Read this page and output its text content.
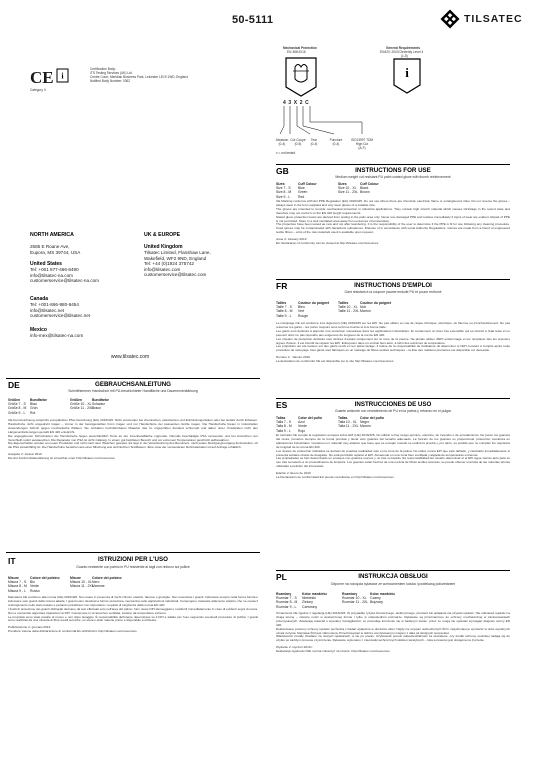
50-5111	TILSATEC
CE i
Category II
Certification Body:
ITS Testing Services (UK) Ltd.
Centre Court, Meridian Business Park, Leicester LE19 1WD, England
Notified Body Number: 0362
Mechanical Protection
EN 388:2016
General Requirements
EN420: 2003 Dexterity Level 4
(1-5)
i
43X2C
Abrasion
(0-4)
Cut Coupe
(0-5)
Tear
(0-4)
Puncture
(0-4)
ISO13997 TDM High Cut
(A-F)
x = not tested
NORTH AMERICA
2585 E Roane Ave,
Eupora, MS 39744, USA
United States
Tel: +001 877-466-8490
info@tilsatec-na.com
customerservice@tilsatec-na.com
Canada
Tel: +001-866-980-9454
info@tilsatec.net
customerservice@tilsatec.net
Mexico
info-mex@tilsatec-na.com
UK & EUROPE
United Kingdom
Tilsatec Limited, Flanshaw Lane,
Wakefield, WF2 9ND, England
Tel: +44 (0)1924 375742
info@tilsatec.com
customerservice@tilsatec.com
www.tilsatec.com
GB	INSTRUCTIONS FOR USE
Medium weight cut resistant PU palm coated glove with thumb reinforcement
Sizes	Cuff Colour	Sizes	Cuff Colour
Size 7 - S Blue	Size 10 - XL Black
Size 8 - M Green	Size 11 - 2XL Brown
Size 9 - L Red

CE Marking conforms with EU PPE Regulation (EU) 2016/425. Do not use where there are chemical, electrical, flame or entanglement risks. Do not reverse the gloves – always wear in the form supplied and only wear gloves of a suitable size.

The gloves are intended to provide mechanical protection in industrial applications. They contain high stretch material which causes shrinkage in the tested state and therefore may not conform to the EN 420 length requirements.

Stated glove protection levels are derived from testing in the palm area only. Never use damaged PPE and replace immediately if signs of wear are evident. Repair of PPE is not permitted. Store in a well ventilated area away from extremes of temperature.

The properties have been tested as new and not after laundering. It is the responsibility of the user to determine if the PPE is fit for use following any cleaning procedure. Used gloves may be contaminated with hazardous substances. Dispose of in accordance with Local Authority Regulations. Gloves are made from a blend of engineered textile fibres – a list of the raw materials used is available upon request.

Issue 2: January 2019

EU declaration of conformity can be viewed at http://tilsatec.com/resources

FR	INSTRUCTIONS D'EMPLOI
Gant résistant à la coupure paume enduite PU et pouce renforcé
Tailles	Couleur du poignet	Tailles	Couleur du poignet
Taille 7 - S Bleu	Taille 10 - XL Noir
Taille 8 - M Vert	Taille 11 - 2XLMarron
Taille 9 - L Rouge

Le marquage CE est conforme à la règlement (UE) 2016/425 sur les EPI. Ne pas utiliser en cas de risque chimique, électrique, de flamme ou d'enchevêtrement. Ne pas retourner les gants – les porter toujours sous la forme fournie et à la bonne taille.

Les gants sont destinés à apporter une protection mécanique dans les applications industrielles. Ils contiennent un tissu très extensible qui se rétrécit à l'état testé et ne peuvent donc ne pas répondre aux exigences de longueur de la norme EN 420.

Les niveaux de protection déclarés sont dérivés d'essais uniquement sur la zone de la paume. Ne jamais utiliser d'EPI endommagé et les remplacer dès les premiers signes d'usure. Il est interdit de réparer les EPI. Entreposer dans un endroit bien aéré, à l'abri des extrêmes de température.

Les propriétés ont été testées sur des gants neufs et non après lavage. Il relève de la responsabilité de l'utilisateur de déterminer si l'EPI convient à l'emploi après toute procédure de nettoyage. Des gants sont fabriqués en un mélange de fibres textiles techniques – la liste des matières premières est disponible sur demande.

Numéro 2 : Janvier 2019

La déclaration de conformité CE est disponible sur le site http://tilsatec.com/resources

DE	GEBRAUCHSANLEITUNG
Schnitthemmer Handschuh mit PU-beschichteter Handfläche und Daumenverstärkung
Größen	Bundfarbe	Größen	Bundfarbe
Größe 7 - S Blau	Größe 10 - XLSchwarz
Größe 8 - M Grün	Größe 11 - 2XLBraun
Größe 9 - L Rot

CE-Kennzeichnung entspricht europäischer PSA-Verordnung (EU) 2016/425. Nicht verwenden bei chemischen, elektrischen und Entzündungsrisiken oder bei Gefahr durch Erfassen. Handschuhe nicht umgedreht tragen – immer in der bereitgestellten Form tragen und nur Handschuhe der passenden Größe tragen. Die Handschuhe bieten in industriellen Anwendungen Schutz gegen mechanische Risiken. Sie enthalten hochdehnbares Material, das im ungeprüften Zustand schrumpft und daher unter Umständen nicht den Längenanforderungen gemäß EN 420 entspricht.

Die angegebenen Schutzstufen der Handschuhe liegen ausschließlich Tests an der Innenhandfläche zugrunde. Niemals beschädigte PSA verwenden und bei Anzeichen von Verschleiß sofort austauschen. Die Reparatur von PSA ist nicht zulässig. In einem gut belüfteten Bereich und vor extremen Temperaturen geschützt aufbewahren.

Die Eigenschaften wurden an neuen Produkten und nicht nach dem Waschen getestet. Es liegt in der Verantwortung des Benutzers, nach jedem Reinigungsvorgang festzustellen, ob die PSA einsatzfähig ist. Die Handschuhe bestehen aus einer Mischung aus technischen Textilfasern. Eine Liste der verwendeten Rohmaterialien ist auf Anfrage erhältlich.

Ausgabe 2: Januar 2019

Die EU-Konformitätserklärung ist einsehbar unter http://tilsatec.com/resources

ES	INSTRUCCIONES DE USO
Guante anticorte con revestimiento de PU en la palma y refuerzo en el pulgar
Tallas	Color del puño	Tallas	Color del puño
Talla 7 - S Azul	Talla 10 - XL Negro
Talla 8 - M Verde	Talla 11 - 2XL Marrón
Talla 9 - L Rojo

El marcado CE cumple la regulación europea sobre EPI (UE) 2016/425. No utilizar si hay riesgo químico, eléctrico, de incendio o de enredamiento. No poner los guantes del revés; ponerlos siempre de la forma provista y llevar solo guantes del tamaño adecuado. La función de los guantes es proporcionar protección mecánica en aplicaciones industriales. Contienen un material muy elástico que hace que se encojan cuando se realiza la prueba y, por tanto, es posible que no cumplan los requisitos de longitud de la norma EN 420.

Los niveles de protección indicados se derivan de pruebas realizadas solo en la zona de la palma. No utilice nunca EPI que esté dañado, y cambiarlo inmediatamente si presenta señales obvias de desgaste. No está permitido reparar el EPI. Almacenar en una zona bien ventilada y alejada de temperaturas extremas.

Las propiedades se han determinado en ensayos con guantes nuevos y no tras su lavado. Es responsabilidad del usuario determinar si el EPI sigue siendo apto para su uso tras someterlo a un procedimiento de limpieza. Los guantes están hechos de una mezcla de fibras textiles técnicas; se puede obtener una lista de las materias primas utilizadas a petición del interesado.

Edición 2: Enero de 2019

La Declaración de conformidad EU puede consultarse en http://tilsatec.com/resources

IT	ISTRUZIONI PER L'USO
Guanto resistente con palmo in PU resistente ai tagli con rinforzo sul pollice
Misure	Colore del polsino	Misure	Colore del polsino
Misura 7 - S Blu	Misura 10 - XLNero
Misura 8 - M Verde	Misura 11 - 2XLMarrone
Misura 9 - L Rosso

Marcatura CE conforme alla norma (UE) 2016/425. Non usare in presenza di rischi chimici, elettrici, fiamme o groviglio. Non rovesciare i guanti. Indossare sempre nella forma fornita e indossare solo guanti della misura adatta. I guanti sono destinati a fornire protezione meccanica nelle applicazioni industriali. Contengono materiale altamente elastico che ne causa il restringimento nello stato testato e pertanto potrebbero non rispondere i requisiti di lunghezza della norma EN 420.

I livelli di protezione dei guanti dichiarati derivano da test effettuati solo nell'area del palmo. Non usare DPI danneggiati e sostituirli immediatamente in caso di evidenti segni di usura. Non è consentito apportare riparazioni ai DPI. Conservare in un'area ben ventilata, lontano da temperature estreme.

Le proprietà sono state testate al nuovo e non dopo lavaggio. È responsabilità dell'utente determinare se il DPI è adatto per l'uso seguendo eventuali procedure di pulizia. I guanti sono realizzati da una miscela di fibre tessili tecniche: un elenco delle materie prime è disponibile a richiesta.

Pubblicazione 2: gennaio 2019

Prendere visione della dichiarazione di conformità EU all'indirizzo http://tilsatec.com/resources

PL	INSTRUKCJA OBSŁUGI
Odporne na rozcięcia rękawice ze wzmocnieniem kciuka i powlekaną poliuretanem
Rozmiary	Kolor mankietu	Rozmiary	Kolor mankietu
Rozmiar 7 - S Niebieski	Rozmiar 10 - XL Czarny
Rozmiar 8 - M Zielony	Rozmiar 11 - 2XL Brązowy
Rozmiar 9 - L Czerwony

Oznaczenie CE zgodne z regulacją (UE) 2016/425. W przypadku ryzyka chemicznego, elektrycznego, płomieni lub splątania nie używać rękawic. Nie odwracać rękawic na drugą stronę – zawsze nosić w dostarczonej formie i tylko w odpowiednim rozmiarze. Rękawice są przeznaczone do ochrony mechanicznej w zastosowaniach przemysłowych. Zawierają materiał o wysokiej rozciągliwości, co powoduje kurczenie się w badanym stanie, przez co mogą nie spełniać wymagań długości normy EN 420.

Deklarowane poziomy ochrony rękawic pochodzą z badań wyłącznie w obszarze dłoni. Nigdy nie używać uszkodzonych ŚOI i natychmiast je wymienić w razie wyraźnych oznak zużycia. Naprawa ŚOI jest zabroniona. Przechowywać w dobrze wentylowanym miejscu z dala od skrajnych temperatur.

Właściwości zostały zbadane na nowych rękawicach, a nie po praniu. Użytkownik ponosi odpowiedzialność za określenie, czy środki ochrony osobistej nadają się do użytku po każdym procesie czyszczenia. Rękawice wykonano z mieszanki technicznych włókien tekstylnych – lista surowców jest dostępna na życzenie.

Wydanie 2: styczeń 2019 r.

Deklaracja zgodności WE można zobaczyć na stronie: http://tilsatec.com/resources
